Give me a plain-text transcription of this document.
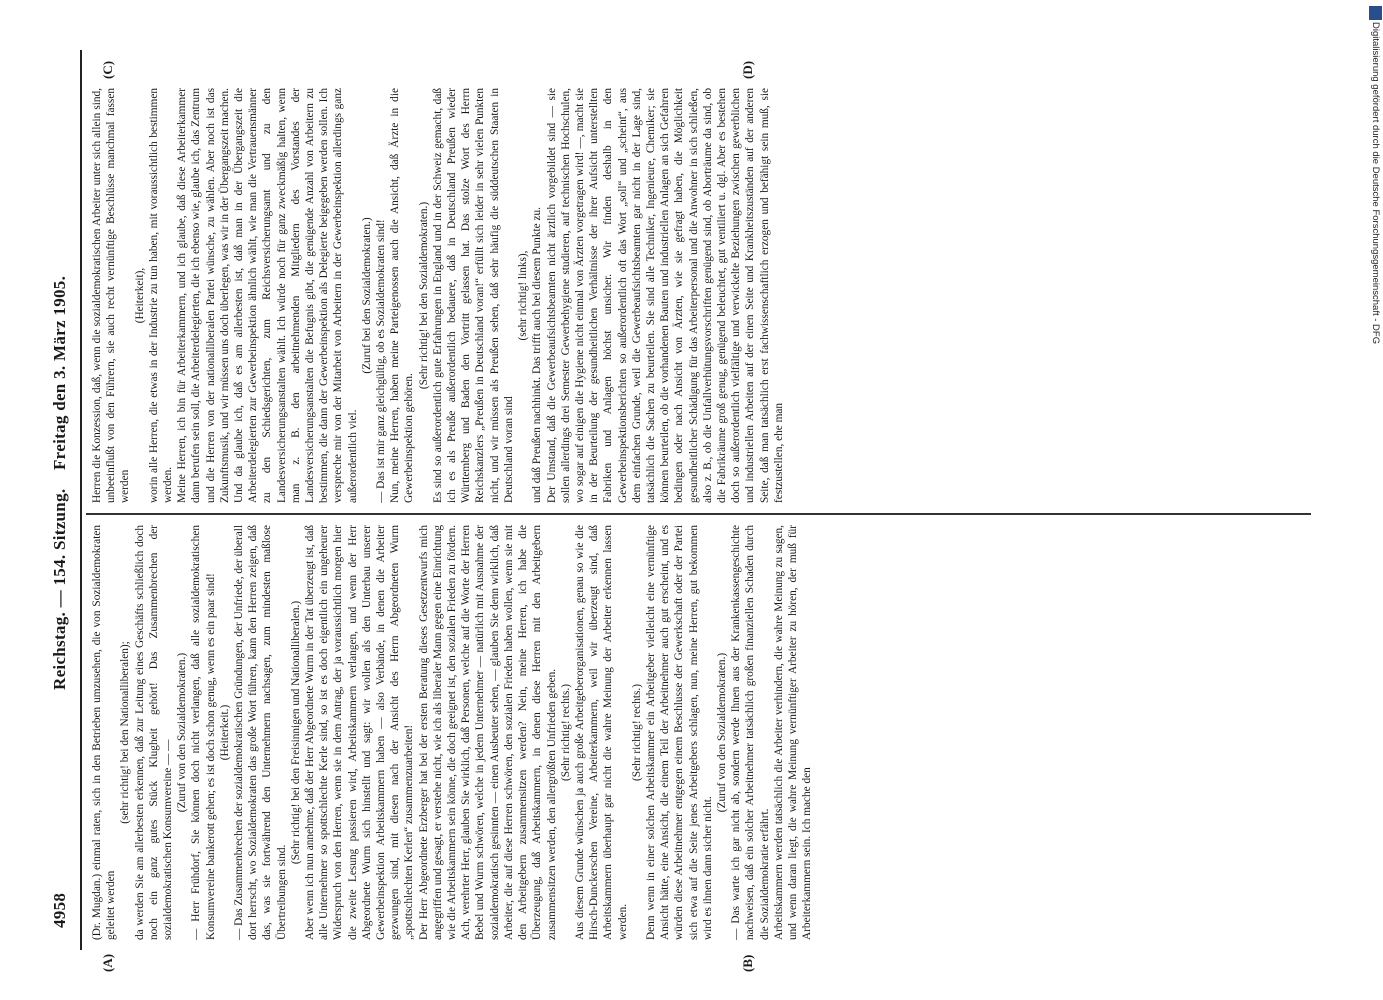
4958
Reichstag. — 154. Sitzung.
Freitag den 3. März 1905.
(A)	(B)
(C)	(D)

(Dr. Mugdan.) einmal raten, sich in den Betrieben umzusehen, die von Sozialdemokraten geleitet werden

(sehr richtig! bei den Nationalliberalen); da werden Sie am allerbesten erkennen, daß zur Leitung eines Geschäfts schließlich doch noch ein ganz gutes Stück Klugheit gehört! Das Zusammenbrechen der sozialdemokratischen Konsumvereine — —

(Zuruf von den Sozialdemokraten.) — Herr Frühdorf, Sie können doch nicht verlangen, daß alle sozialdemokratischen Konsumvereine bankerott gehen; es ist doch schon genug, wenn es ein paar sind! (Heiterkeit.) — Das Zusammenbrechen der sozialdemokratischen Gründungen, der Unfriede, der überall dort herrscht, wo Sozialdemokraten das große Wort führen, kann den Herren zeigen, daß das, was sie fortwährend den Unternehmern nachsagen, zum mindesten maßlose Übertreibungen sind.

(Sehr richtig! bei den Freisinnigen und Nationalliberalen.) Aber wenn ich nun annehme, daß der Herr Abgeordnete Wurm in der Tat überzeugt ist, daß alle Unternehmer so spottschlechte Kerle sind, so ist es doch eigentlich ein ungeheurer Widerspruch von den Herren, wenn sie in dem Antrag, der ja voraussichtlich morgen hier die zweite Lesung passieren wird, Arbeitskammern verlangen, und wenn der Herr Abgeordnete Wurm sich hinstellt und sagt: wir wollen als den Unterbau unserer Gewerbeinspektion Arbeitskammern haben — also Verbände, in denen die Arbeiter gezwungen sind, mit diesen nach der Ansicht des Herrn Abgeordneten Wurm „spottschlechten Kerlen“ zusammenzuarbeiten! Der Herr Abgeordnete Erzberger hat bei der ersten Beratung dieses Gesetzentwurfs mich angegriffen und gesagt, er verstehe nicht, wie ich als liberaler Mann gegen eine Einrichtung wie die Arbeitskammern sein könne, die doch geeignet ist, den sozialen Frieden zu fördern. Ach, verehrter Herr, glauben Sie wirklich, daß Personen, welche auf die Worte der Herren Bebel und Wurm schwören, welche in jedem Unternehmer — natürlich mit Ausnahme der sozialdemokratisch gesinnten — einen Ausbeuter sehen, — glauben Sie denn wirklich, daß Arbeiter, die auf diese Herren schwören, den sozialen Frieden haben wollen, wenn sie mit den Arbeitgebern zusammensitzen werden? Nein, meine Herren, ich habe die Überzeugung, daß Arbeitskammern, in denen diese Herren mit den Arbeitgebern zusammensitzen werden, den allergrößten Unfrieden geben. (Sehr richtig! rechts.) Aus diesem Grunde wünschen ja auch große Arbeitgeberorganisationen, genau so wie die Hirsch-Dunckerschen Vereine, Arbeiterkammern, weil wir überzeugt sind, daß Arbeitskammern überhaupt gar nicht die wahre Meinung der Arbeiter erkennen lassen werden.

(Sehr richtig! rechts.) Denn wenn in einer solchen Arbeitskammer ein Arbeitgeber vielleicht eine vernünftige Ansicht hätte, eine Ansicht, die einem Teil der Arbeitnehmer auch gut erscheint, und es würden diese Arbeitnehmer entgegen einem Beschlusse der Gewerkschaft oder der Partei sich etwa auf die Seite jenes Arbeitgebers schlagen, nun, meine Herren, gut bekommen wird es ihnen dann sicher nicht.

(Zuruf von den Sozialdemokraten.) — Das warte ich gar nicht ab, sondern werde Ihnen aus der Krankenkassengeschichte nachweisen, daß ein solcher Arbeitnehmer tatsächlich großen finanziellen Schaden durch die Sozialdemokratie erfährt. Arbeitskammern werden tatsächlich die Arbeiter verhindern, die wahre Meinung zu sagen, und wenn daran liegt, die wahre Meinung vernünftiger Arbeiter zu hören, der muß für Arbeiterkammern sein. Ich mache den

Herren die Konzession, daß, wenn die sozialdemokratischen Arbeiter unter sich allein sind, unbeeinflußt von den Führern, sie auch recht vernünftige Beschlüsse manchmal fassen werden

(Heiterkeit), worin alle Herren, die etwas in der Industrie zu tun haben, mit voraussichtlich bestimmen werden. Meine Herren, ich bin für Arbeiterkammern, und ich glaube, daß diese Arbeiterkammer dann berufen sein soll, die Arbeiterdelegierten, die ich ebenso wie, glaube ich, das Zentrum und die Herren von der nationalliberalen Partei wünsche, zu wählen. Aber noch ist das Zukunftsmusik, und wir müssen uns doch überlegen, was wir in der Übergangszeit machen. Und da glaube ich, daß es am allerbesten ist, daß man in der Übergangszeit die Arbeiterdelegierten zur Gewerbeinspektion ähnlich wählt, wie man die Vertrauensmänner zu den Schiedsgerichten, zum Reichsversicherungsamt und zu den Landesversicherungsanstalten wählt. Ich würde noch für ganz zweckmäßig halten, wenn man z. B. den arbeitnehmenden Mitgliedern des Vorstandes der Landesversicherungsanstalten die Befugnis gibt, die genügende Anzahl von Arbeitern zu bestimmen, die dann der Gewerbeinspektion als Delegierte beigegeben werden sollen. Ich verspreche mir von der Mitarbeit von Arbeitern in der Gewerbeinspektion allerdings ganz außerordentlich viel.

(Zuruf bei den Sozialdemokraten.) — Das ist mir ganz gleichgültig, ob es Sozialdemokraten sind! Nun, meine Herren, haben meine Parteigenossen auch die Ansicht, daß Ärzte in die Gewerbeinspektion gehören.

(Sehr richtig! bei den Sozialdemokraten.) Es sind so außerordentlich gute Erfahrungen in England und in der Schweiz gemacht, daß ich es als Preuße außerordentlich bedauere, daß in Deutschland Preußen wieder Württemberg und Baden den Vortritt gelassen hat. Das stolze Wort des Herrn Reichskanzlers „Preußen in Deutschland voran!“ erfüllt sich leider in sehr vielen Punkten nicht, und wir müssen als Preußen sehen, daß sehr häufig die süddeutschen Staaten in Deutschland voran sind

(sehr richtig! links), und daß Preußen nachhinkt. Das trifft auch bei diesem Punkte zu. Der Umstand, daß die Gewerbeaufsichtsbeamten nicht ärztlich vorgebildet sind — sie sollen allerdings drei Semester Gewerbehygiene studieren, auf technischen Hochschulen, wo sogar auf einigen die Hygiene nicht einmal von Ärzten vorgetragen wird! —, macht sie in der Beurteilung der gesundheitlichen Verhältnisse der ihrer Aufsicht unterstellten Fabriken und Anlagen höchst unsicher. Wir finden deshalb in den Gewerbeinspektionsberichten so außerordentlich oft das Wort „soll“ und „scheint“, aus dem einfachen Grunde, weil die Gewerbeaufsichtsbeamten gar nicht in der Lage sind, tatsächlich die Sachen zu beurteilen. Sie sind alle Techniker, Ingenieure, Chemiker; sie können beurteilen, ob die vorhandenen Bauten und industriellen Anlagen an sich Gefahren bedingen oder nach Ansicht von Ärzten, wie sie gefragt haben, die Möglichkeit gesundheitlicher Schädigung für das Arbeiterpersonal und die Anwohner in sich schließen, also z. B., ob die Unfallverhütungsvorschriften genügend sind, ob Aborträume da sind, ob die Fabrikräume groß genug, genügend beleuchtet, gut ventiliert u. dgl. Aber es bestehen doch so außerordentlich vielfältige und verwickelte Beziehungen zwischen gewerblichen und industriellen Arbeiten auf der einen Seite und Krankheitszuständen auf der anderen Seite, daß man tatsächlich erst fachwissenschaftlich erzogen und befähigt sein muß, sie festzustellen, ehe man

Digitalisierung gefördert durch die Deutsche Forschungsgemeinschaft - DFG
